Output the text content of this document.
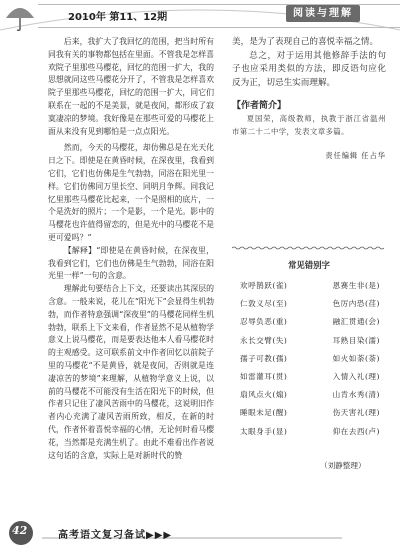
2010年 第11、12期	阅读与理解

后来，我扩大了我回忆的范围，把当时所有同我有关的事物都包括在里面。不管我是怎样喜欢院子里那些马樱花，回忆的范围一扩大，我的思想就同这些马樱花分开了，不管我是怎样喜欢院子里那些马樱花，回忆的范围一扩大，同它们联系在一起的不是美景，就是夜间，都形成了寂寞凄凉的梦境。我好像是在那些可爱的马樱花上面从来没有见到哪怕是一点点阳光。

然而，今天的马樱花，却仿佛总是在光天化日之下。即使是在黄昏时候，在深夜里，我看到它们，它们也仿佛是生气勃勃，同浴在阳光里一样。它们仿佛同万里长空、同明月争辉。同我记忆里那些马樱花比起来，一个是照相的底片，一个是洗好的照片；一个是影，一个是光。影中的马樱花也许值得留恋的，但是光中的马樱花不是更可爱吗？”

【解释】“即使是在黄昏时候，在深夜里，我看到它们，它们也仿佛是生气勃勃，同浴在阳光里一样”一句的含意。

理解此句要结合上下文，还要读出其深层的含意。一般来说，花儿在“阳光下”会显得生机勃勃，而作者特意强调“深夜里”的马樱花同样生机勃勃，联系上下文来看，作者显然不是从植物学意义上说马樱花，而是要表达他本人看马樱花时的主观感受。这可联系前文中作者回忆以前院子里的马樱花“不是黄昏，就是夜间，否则就是连凄凉苦的梦境”来理解，从植物学意义上说，以前的马樱花不可能没有生活在阳光下的时候，但作者只记住了凄风苦雨中的马樱花，这说明旧作者内心充满了凄风苦雨所致，相反，在新的时代，作者怀着喜悦幸福的心情，无论何时看马樱花，当然都是充满生机了。由此不难看出作者说这句话的含意，实际上是对新时代的赞

美，是为了表现自己的喜悦幸福之情。

总之，对于运用其他修辞手法的句子也应采用类似的方法，即反语句应化反为正，切忌生实而理解。

【作者简介】

夏国荣，高级教师，执教于浙江省温州市第二十二中学，发表文章多篇。

责任编辑 任占华
常见错别字
欢呼鹊跃(雀)	恩赛生非(是)
仁敦义尽(至)	色厉内恐(荏)
忍辱负恶(重)	融汇贯通(会)
永长交臂(失)	耳熟目染(濡)
孺子可教(孺)	如火如荼(荼)
如雷灌耳(贯)	入情入礼(理)
扇风点火(煽)	山肯水秀(清)
睡眼未足(醒)	伤天害礼(理)
太眼身手(显)	仰在去西(卢)
（刘静整理）
42	高考语文复习备试▶▶▶
